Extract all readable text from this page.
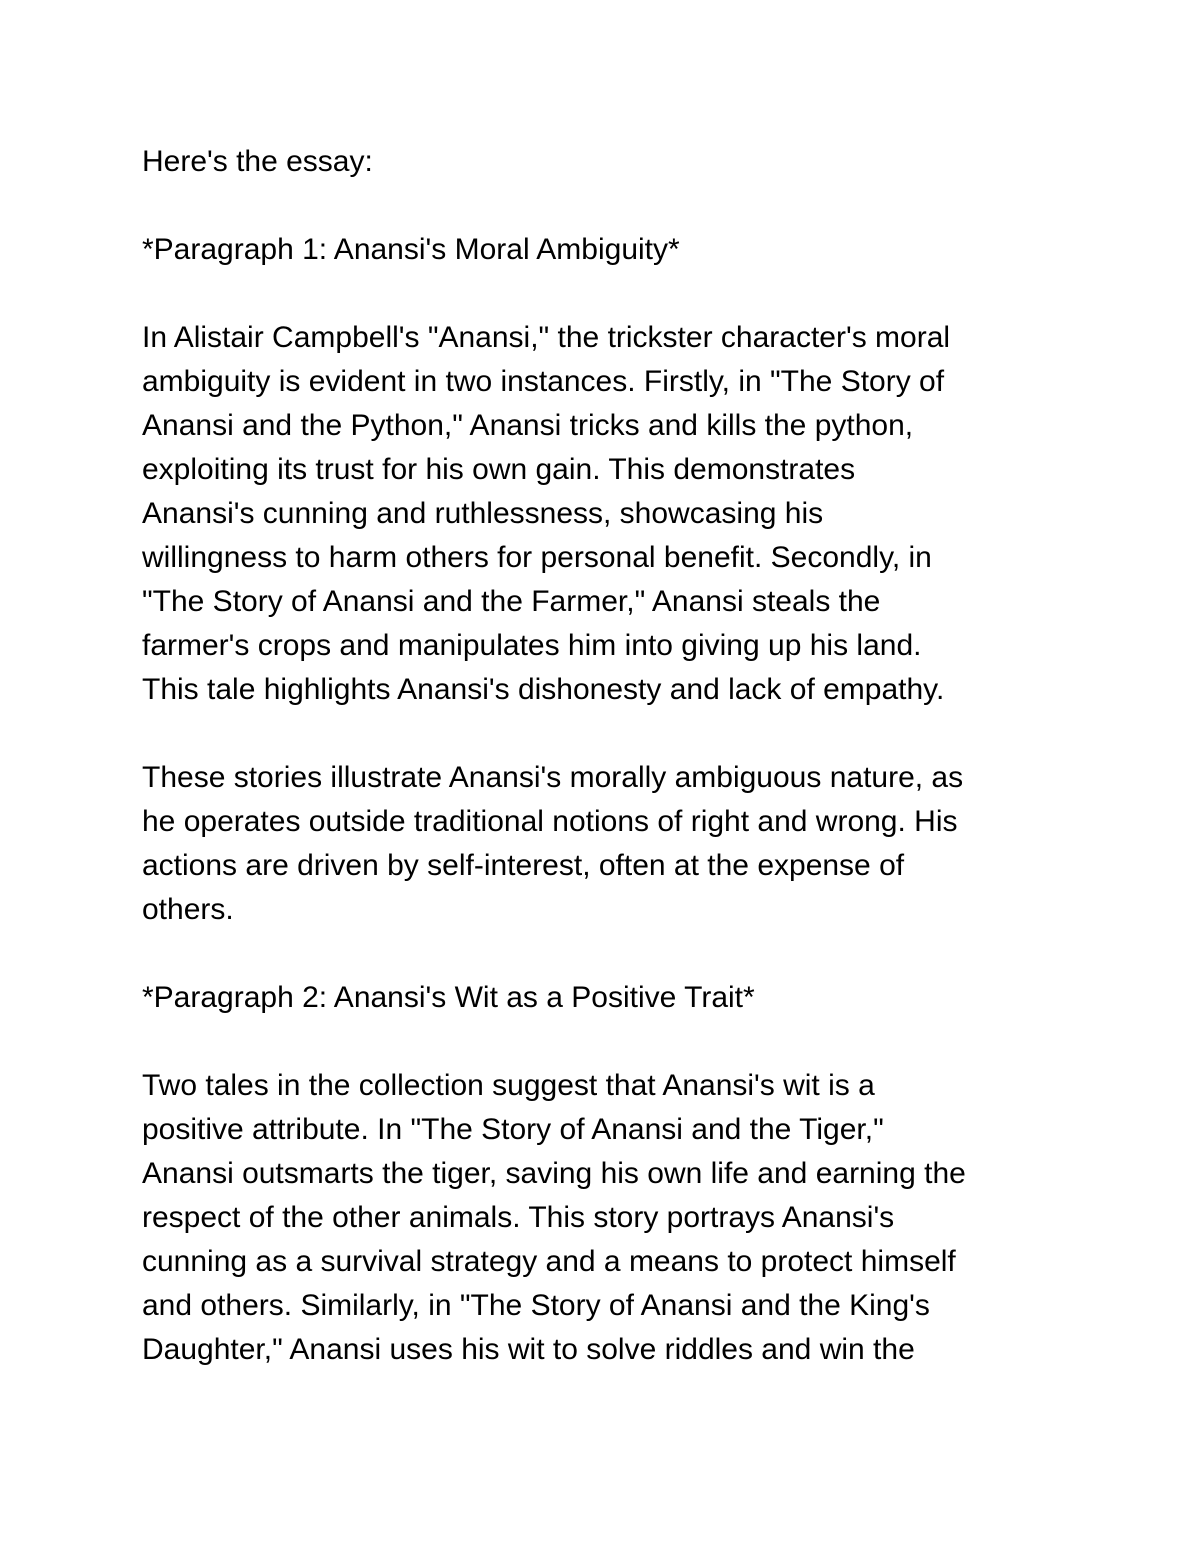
Here's the essay:
*Paragraph 1: Anansi's Moral Ambiguity*
In Alistair Campbell's "Anansi," the trickster character's moral
ambiguity is evident in two instances. Firstly, in "The Story of
Anansi and the Python," Anansi tricks and kills the python,
exploiting its trust for his own gain. This demonstrates
Anansi's cunning and ruthlessness, showcasing his
willingness to harm others for personal benefit. Secondly, in
"The Story of Anansi and the Farmer," Anansi steals the
farmer's crops and manipulates him into giving up his land.
This tale highlights Anansi's dishonesty and lack of empathy.
These stories illustrate Anansi's morally ambiguous nature, as
he operates outside traditional notions of right and wrong. His
actions are driven by self-interest, often at the expense of
others.
*Paragraph 2: Anansi's Wit as a Positive Trait*
Two tales in the collection suggest that Anansi's wit is a
positive attribute. In "The Story of Anansi and the Tiger,"
Anansi outsmarts the tiger, saving his own life and earning the
respect of the other animals. This story portrays Anansi's
cunning as a survival strategy and a means to protect himself
and others. Similarly, in "The Story of Anansi and the King's
Daughter," Anansi uses his wit to solve riddles and win the
